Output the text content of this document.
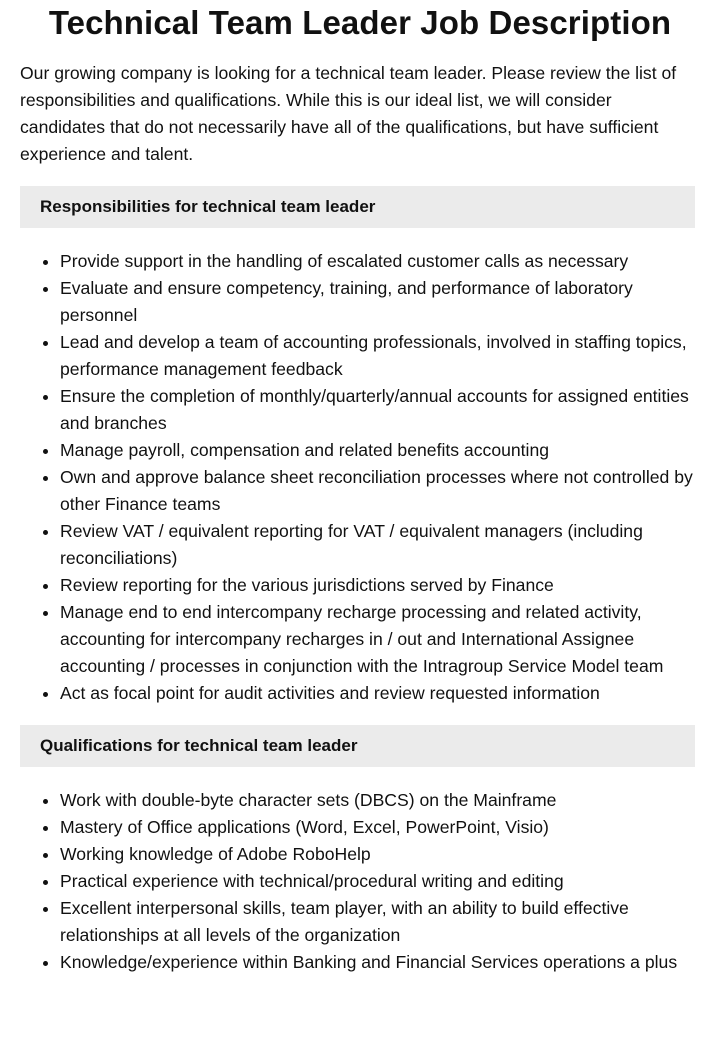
Technical Team Leader Job Description

Our growing company is looking for a technical team leader. Please review the list of responsibilities and qualifications. While this is our ideal list, we will consider candidates that do not necessarily have all of the qualifications, but have sufficient experience and talent.

Responsibilities for technical team leader
• Provide support in the handling of escalated customer calls as necessary
• Evaluate and ensure competency, training, and performance of laboratory personnel
• Lead and develop a team of accounting professionals, involved in staffing topics, performance management feedback
• Ensure the completion of monthly/quarterly/annual accounts for assigned entities and branches
• Manage payroll, compensation and related benefits accounting
• Own and approve balance sheet reconciliation processes where not controlled by other Finance teams
• Review VAT / equivalent reporting for VAT / equivalent managers (including reconciliations)
• Review reporting for the various jurisdictions served by Finance
• Manage end to end intercompany recharge processing and related activity, accounting for intercompany recharges in / out and International Assignee accounting / processes in conjunction with the Intragroup Service Model team
• Act as focal point for audit activities and review requested information
Qualifications for technical team leader
• Work with double-byte character sets (DBCS) on the Mainframe
• Mastery of Office applications (Word, Excel, PowerPoint, Visio)
• Working knowledge of Adobe RoboHelp
• Practical experience with technical/procedural writing and editing
• Excellent interpersonal skills, team player, with an ability to build effective relationships at all levels of the organization
• Knowledge/experience within Banking and Financial Services operations a plus
